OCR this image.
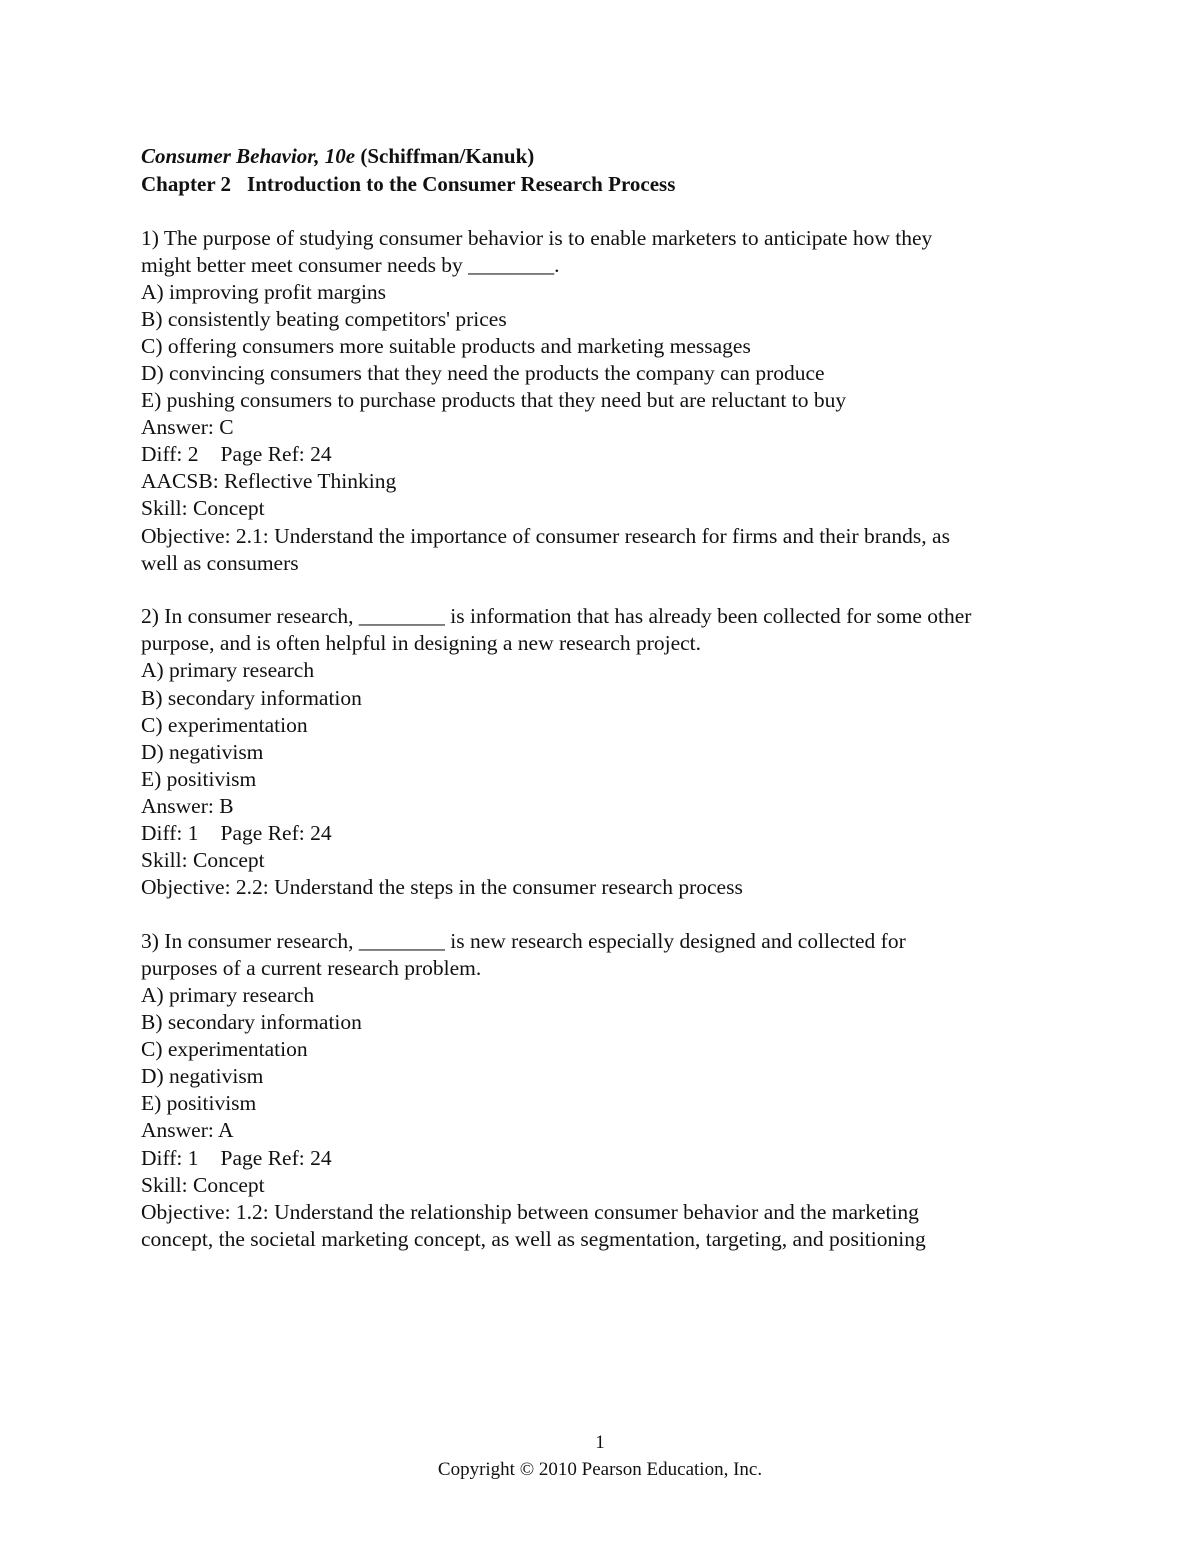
Consumer Behavior, 10e (Schiffman/Kanuk)
Chapter 2 Introduction to the Consumer Research Process
1) The purpose of studying consumer behavior is to enable marketers to anticipate how they
might better meet consumer needs by ________.
A) improving profit margins
B) consistently beating competitors' prices
C) offering consumers more suitable products and marketing messages
D) convincing consumers that they need the products the company can produce
E) pushing consumers to purchase products that they need but are reluctant to buy
Answer: C
Diff: 2 Page Ref: 24
AACSB: Reflective Thinking
Skill: Concept
Objective: 2.1: Understand the importance of consumer research for firms and their brands, as
well as consumers
2) In consumer research, ________ is information that has already been collected for some other
purpose, and is often helpful in designing a new research project.
A) primary research
B) secondary information
C) experimentation
D) negativism
E) positivism
Answer: B
Diff: 1 Page Ref: 24
Skill: Concept
Objective: 2.2: Understand the steps in the consumer research process
3) In consumer research, ________ is new research especially designed and collected for
purposes of a current research problem.
A) primary research
B) secondary information
C) experimentation
D) negativism
E) positivism
Answer: A
Diff: 1 Page Ref: 24
Skill: Concept
Objective: 1.2: Understand the relationship between consumer behavior and the marketing
concept, the societal marketing concept, as well as segmentation, targeting, and positioning
1
Copyright © 2010 Pearson Education, Inc.
